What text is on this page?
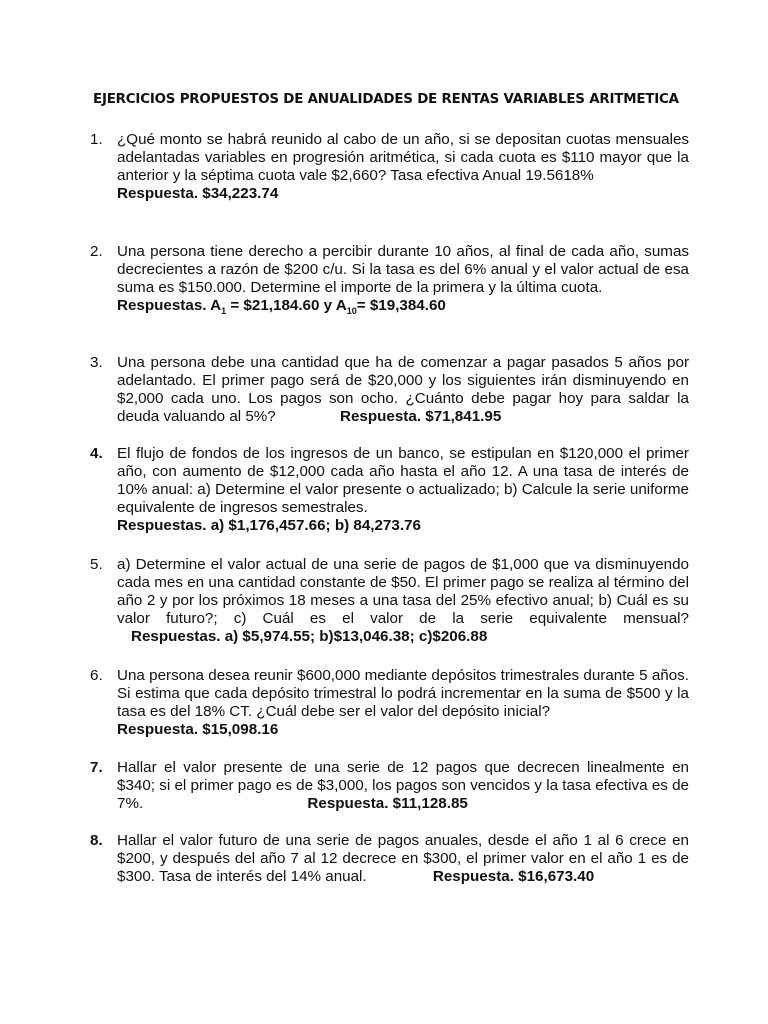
EJERCICIOS PROPUESTOS DE ANUALIDADES DE RENTAS VARIABLES ARITMETICA
1. ¿Qué monto se habrá reunido al cabo de un año, si se depositan cuotas mensuales adelantadas variables en progresión aritmética, si cada cuota es $110 mayor que la anterior y la séptima cuota vale $2,660? Tasa efectiva Anual 19.5618%
Respuesta. $34,223.74
2. Una persona tiene derecho a percibir durante 10 años, al final de cada año, sumas decrecientes a razón de $200 c/u. Si la tasa es del 6% anual y el valor actual de esa suma es $150.000. Determine el importe de la primera y la última cuota.
Respuestas. $A_1$ = $21,184.60 y $A_{10}=$ $19,384.60
3. Una persona debe una cantidad que ha de comenzar a pagar pasados 5 años por adelantado. El primer pago será de $20,000 y los siguientes irán disminuyendo en $2,000 cada uno. Los pagos son ocho. ¿Cuánto debe pagar hoy para saldar la deuda valuando al 5%?	Respuesta. $71,841.95
4. El flujo de fondos de los ingresos de un banco, se estipulan en $120,000 el primer año, con aumento de $12,000 cada año hasta el año 12. A una tasa de interés de 10% anual: a) Determine el valor presente o actualizado; b) Calcule la serie uniforme equivalente de ingresos semestrales.
Respuestas. a) $1,176,457.66; b) 84,273.76
5. a) Determine el valor actual de una serie de pagos de $1,000 que va disminuyendo cada mes en una cantidad constante de $50. El primer pago se realiza al término del año 2 y por los próximos 18 meses a una tasa del 25% efectivo anual; b) Cuál es su valor futuro?; c) Cuál es el valor de la serie equivalente mensual? Respuestas. a) $5,974.55; b)$13,046.38; c)$206.88
6. Una persona desea reunir $600,000 mediante depósitos trimestrales durante 5 años. Si estima que cada depósito trimestral lo podrá incrementar en la suma de $500 y la tasa es del 18% CT. ¿Cuál debe ser el valor del depósito inicial?
Respuesta. $15,098.16
7. Hallar el valor presente de una serie de 12 pagos que decrecen linealmente en $340; si el primer pago es de $3,000, los pagos son vencidos y la tasa efectiva es de 7%.	Respuesta. $11,128.85
8. Hallar el valor futuro de una serie de pagos anuales, desde el año 1 al 6 crece en $200, y después del año 7 al 12 decrece en $300, el primer valor en el año 1 es de $300. Tasa de interés del 14% anual.	Respuesta. $16,673.40
